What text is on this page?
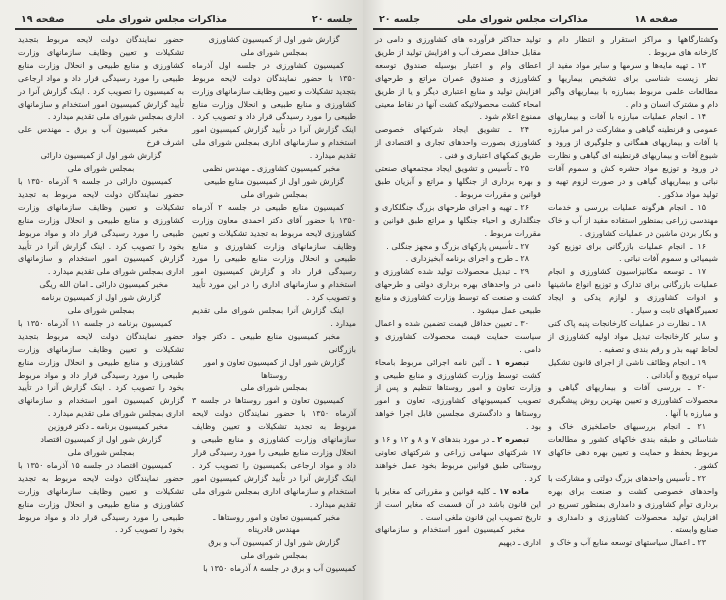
جلسه ۲۰
مذاکرات مجلس شورای ملی
صفحه ۱۹

گزارش شور اول از کمیسیون کشاورزی

بمجلس شورای ملی

کمیسیون کشاورزی در جلسه اول آذرماه ۱۳۵۰ با حضور نمایندگان دولت لایحه مربوط بتجدید تشکیلات و تعیین وظایف سازمانهای وزارت کشاورزی و منابع طبیعی و انحلال وزارت منابع طبیعی را مورد رسیدگی قرار داد و تصویب کرد . اینک گزارش آنرا در تأیید گزارش کمیسیون امور استخدام و سازمانهای اداری بمجلس شورای ملی تقدیم میدارد .

مخبر کمیسیون کشاورزی ـ مهندس نظمی

گزارش شور اول از کمیسیون منابع طبیعی

بمجلس شورای ملی

کمیسیون منابع طبیعی در جلسه ۲ آذرماه ۱۳۵۰ با حضور آقای دکتر احمدی معاون وزارت کشاورزی لایحه مربوط به تجدید تشکیلات و تعیین وظایف سازمانهای وزارت کشاورزی و منابع طبیعی و انحلال وزارت منابع طبیعی را مورد رسیدگی قرار داد و گزارش کمیسیون امور استخدام و سازمانهای اداری را در این مورد تأیید و تصویب کرد .

اینک گزارش آنرا بمجلس شورای ملی تقدیم میدارد .

مخبر کمیسیون منابع طبیعی ـ دکتر جواد بازرگانی

گزارش شور اول از کمیسیون تعاون و امور روستاها

بمجلس شورای ملی

کمیسیون تعاون و امور روستاها در جلسه ۳ آذرماه ۱۳۵۰ با حضور نمایندگان دولت لایحه مربوط به تجدید تشکیلات و تعیین وظایف سازمانهای وزارت کشاورزی و منابع طبیعی و انحلال وزارت منابع طبیعی را مورد رسیدگی قرار داد و مواد ارجاعی بکمیسیون را تصویب کرد . اینک گزارش آنرا در تأیید گزارش کمیسیون امور استخدام و سازمانهای اداری بمجلس شورای ملی تقدیم میدارد .

مخبر کمیسیون تعاون و امور روستاها ـ

مهندس قادرپناه

گزارش شور اول از کمیسیون آب و برق

بمجلس شورای ملی

کمیسیون آب و برق در جلسه ۸ آذرماه ۱۳۵۰ با

حضور نمایندگان دولت لایحه مربوط بتجدید تشکیلات و تعیین وظایف سازمانهای وزارت کشاورزی و منابع طبیعی و انحلال وزارت منابع طبیعی را مورد رسیدگی قرار داد و مواد ارجاعی به کمیسیون را تصویب کرد . اینک گزارش آنرا در تأیید گزارش کمیسیون امور استخدام و سازمانهای اداری بمجلس شورای ملی تقدیم میدارد .

مخبر کمیسیون آب و برق ـ مهندس علی اشرف فرخ

گزارش شور اول از کمیسیون دارائی

بمجلس شورای ملی

کمیسیون دارائی در جلسه ۹ آذرماه ۱۳۵۰ با حضور نمایندگان دولت لایحه مربوط به تجدید تشکیلات و تعیین وظایف سازمانهای وزارت کشاورزی و منابع طبیعی و انحلال وزارت منابع طبیعی را مورد رسیدگی قرار داد و مواد مربوط بخود را تصویب کرد . اینک گزارش آنرا در تأیید گزارش کمیسیون امور استخدام و سازمانهای اداری بمجلس شورای ملی تقدیم میدارد .

مخبر کمیسیون دارائی ـ امان الله ریگی

گزارش شور اول از کمیسیون برنامه

بمجلس شورای ملی

کمیسیون برنامه در جلسه ۱۱ آذرماه ۱۳۵۰ با حضور نمایندگان دولت لایحه مربوط بتجدید تشکیلات و تعیین وظایف سازمانهای وزارت کشاورزی و منابع طبیعی و انحلال وزارت منابع طبیعی را مورد رسیدگی قرار داد و مواد مربوط بخود را تصویب کرد . اینک گزارش آنرا در تأیید گزارش کمیسیون امور استخدام و سازمانهای اداری بمجلس شورای ملی تقدیم میدارد .

مخبر کمیسیون برنامه ـ دکتر فروزین

گزارش شور اول از کمیسیون اقتصاد

بمجلس شورای ملی

کمیسیون اقتصاد در جلسه ۱۵ آذرماه ۱۳۵۰ با حضور نمایندگان دولت لایحه مربوط به تجدید تشکیلات و تعیین وظایف سازمانهای وزارت کشاورزی و منابع طبیعی و انحلال وزارت منابع طبیعی را مورد رسیدگی قرار داد و مواد مربوط بخود را تصویب کرد .

صفحه ۱۸
مذاکرات مجلس شورای ملی
جلسه ۲۰

وکشتارگاهها و مراکز استقرار و انتظار دام و کارخانه های مربوط .

۱۳ ـ تهیه مایه‌ها و سرمها و سایر مواد مفید از نظر زیست شناسی برای تشخیص بیماریها و مطالعات علمی مربوط بمبارزه با بیماریهای واگیر دام و مشترک انسان و دام .

۱۴ ـ انجام عملیات مبارزه با آفات و بیماریهای عمومی و قرنطینه گیاهی و مشارکت در امر مبارزه با آفات و بیماریهای همگانی و جلوگیری از ورود و شیوع آفات و بیماریهای قرنطینه ای گیاهی و نظارت در ورود و توزیع مواد حشره کش و سموم آفات نباتی و بیماریهای گیاهی و در صورت لزوم تهیه و تولید مواد مذکور .

۱۵ ـ انجام هرگونه عملیات بررسی و خدمات مهندسی زراعی بمنظور استفاده مفید از آب و خاک و بکار بردن ماشین در عملیات کشاورزی .

۱۶ ـ انجام عملیات بازرگانی برای توزیع کود شیمیائی و سموم آفات نباتی .

۱۷ ـ توسعه مکانیزاسیون کشاورزی و انجام عملیات بازرگانی برای تدارک و توزیع انواع ماشینها و ادوات کشاورزی و لوازم یدکی و ایجاد تعمیرگاههای ثابت و سیار .

۱۸ ـ نظارت در عملیات کارخانجات پنبه پاک کنی و سایر کارخانجات تبدیل مواد اولیه کشاورزی از لحاظ تهیه بذر و رقم بندی و تصفیه .

۱۹ ـ انجام وظائف ناشی از اجرای قانون تشکیل سپاه ترویج و آبادانی .

۲۰ ـ بررسی آفات و بیماریهای گیاهی و محصولات کشاورزی و تعیین بهترین روش پیشگیری و مبارزه با آنها .

۲۱ ـ انجام بررسیهای حاصلخیزی خاک و شناسائی و طبقه بندی خاکهای کشور و مطالعات مربوط بحفظ و حمایت و تعیین بهره دهی خاکهای کشور .

۲۲ ـ تأسیس واحدهای بزرگ دولتی و مشارکت با واحدهای خصوصی کشت و صنعت برای بهره برداری توأم کشاورزی و دامداری بمنظور تسریع در افزایش تولید محصولات کشاورزی و دامداری و صنایع وابسته .

۲۳ ـ اعمال سیاستهای توسعه منابع آب و خاک و

تولید حداکثر فرآورده های کشاورزی و دامی در مقابل حداقل مصرف آب و افزایش تولید از طریق اعطای وام و اعتبار بوسیله صندوق توسعه کشاورزی و صندوق عمران مراتع و طرحهای افزایش تولید و منابع اعتباری دیگر و یا از طریق امحاء کشت محصولاتیکه کشت آنها در نقاط معینی ممنوع اعلام شود .

۲۴ ـ تشویق ایجاد شرکتهای خصوصی کشاورزی بصورت واحدهای تجاری و اقتصادی از طریق کمکهای اعتباری و فنی .

۲۵ ـ تأسیس و تشویق ایجاد مجتمعهای صنعتی و بهره برداری از جنگلها و مراتع و آبزیان طبق قوانین و مقررات مربوط .

۲۶ ـ تهیه و اجرای طرحهای بزرگ جنگلکاری و جنگلداری و احیاء جنگلها و مراتع طبق قوانین و مقررات مربوط .

۲۷ ـ تأسیس پارکهای بزرگ و مجهز جنگلی .

۲۸ ـ طرح و اجرای برنامه آبخیزداری .

۲۹ ـ تبدیل محصولات تولید شده کشاورزی و دامی در واحدهای بهره برداری دولتی و طرحهای کشت و صنعت که توسط وزارت کشاورزی و منابع طبیعی عمل میشود .

۳۰ ـ تعیین حداقل قیمت تضمین شده و اعمال سیاست حمایت قیمت محصولات کشاورزی و دامی .

تبصره ۱ ـ آئین نامه اجرائی مربوط بامحاء کشت توسط وزارت کشاورزی و منابع طبیعی و وزارت تعاون و امور روستاها تنظیم و پس از تصویب کمیسیونهای کشاورزی، تعاون و امور روستاها و دادگستری مجلسین قابل اجرا خواهد بود .

تبصره ۲ ـ در مورد بندهای ۷ و ۸ و ۱۲ و ۱۶ و ۱۷ شرکتهای سهامی زراعی و شرکتهای تعاونی روستائی طبق قوانین مربوط بخود عمل خواهند کرد .

ماده ۱۷ ـ کلیه قوانین و مقرراتی که مغایر با این قانون باشد در آن قسمت که مغایر است از تاریخ تصویب این قانون ملغی است .

مخبر کمیسیون امور استخدام و سازمانهای اداری ـ دیهیم
